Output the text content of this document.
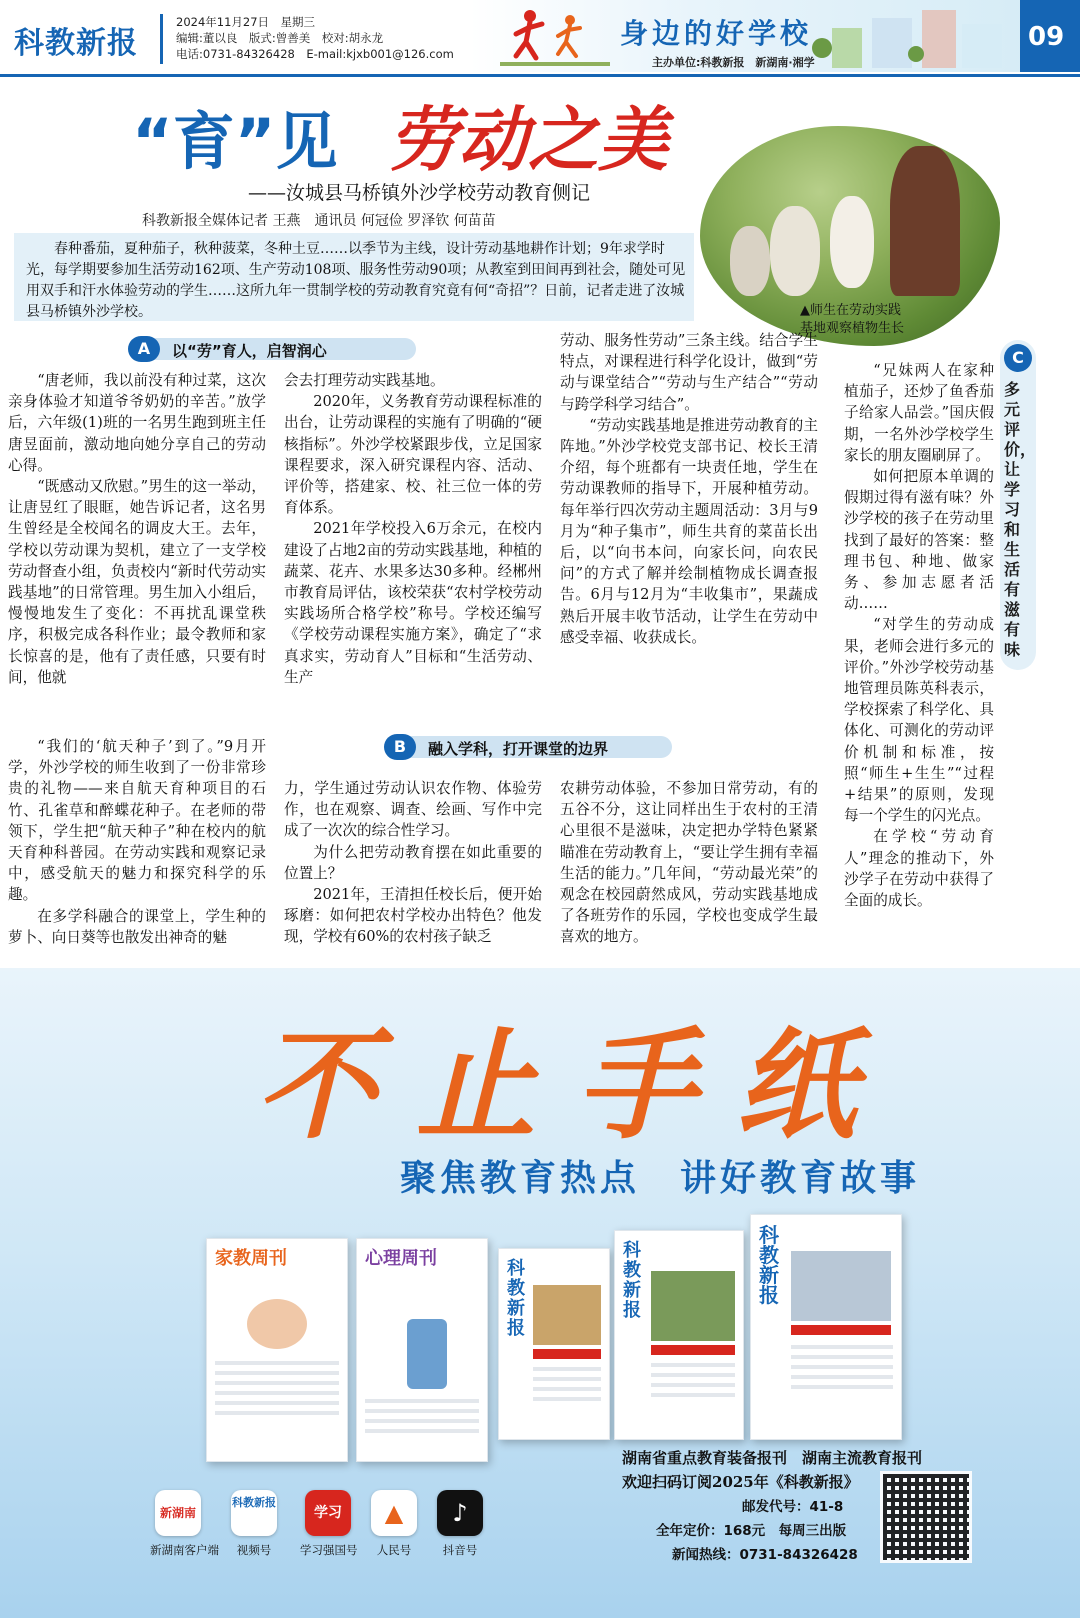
科教新报
2024年11月27日　星期三
编辑:董以良　版式:曾善美　校对:胡永龙
电话:0731-84326428　E-mail:kjxb001@126.com
身边的好学校
主办单位:科教新报　新湖南·湘学
09
“育”见 劳动之美
——汝城县马桥镇外沙学校劳动教育侧记
科教新报全媒体记者 王燕　通讯员 何冠俭 罗泽钦 何苗苗

春种番茄，夏种茄子，秋种菠菜，冬种土豆……以季节为主线，设计劳动基地耕作计划；9年求学时光，每学期要参加生活劳动162项、生产劳动108项、服务性劳动90项；从教室到田间再到社会，随处可见用双手和汗水体验劳动的学生……这所九年一贯制学校的劳动教育究竟有何“奇招”？日前，记者走进了汝城县马桥镇外沙学校。	▲师生在劳动实践
基地观察植物生长
A	以“劳”育人，启智润心

“唐老师，我以前没有种过菜，这次亲身体验才知道爷爷奶奶的辛苦。”放学后，六年级(1)班的一名男生跑到班主任唐昱面前，激动地向她分享自己的劳动心得。

“既感动又欣慰。”男生的这一举动，让唐昱红了眼眶，她告诉记者，这名男生曾经是全校闻名的调皮大王。去年，学校以劳动课为契机，建立了一支学校劳动督查小组，负责校内“新时代劳动实践基地”的日常管理。男生加入小组后，慢慢地发生了变化：不再扰乱课堂秩序，积极完成各科作业；最令教师和家长惊喜的是，他有了责任感，只要有时间，他就

会去打理劳动实践基地。

2020年，义务教育劳动课程标准的出台，让劳动课程的实施有了明确的“硬核指标”。外沙学校紧跟步伐，立足国家课程要求，深入研究课程内容、活动、评价等，搭建家、校、社三位一体的劳育体系。

2021年学校投入6万余元，在校内建设了占地2亩的劳动实践基地，种植的蔬菜、花卉、水果多达30多种。经郴州市教育局评估，该校荣获“农村学校劳动实践场所合格学校”称号。学校还编写《学校劳动课程实施方案》，确定了“求真求实，劳动育人”目标和“生活劳动、生产

劳动、服务性劳动”三条主线。结合学生特点，对课程进行科学化设计，做到“劳动与课堂结合”“劳动与生产结合”“劳动与跨学科学习结合”。

“劳动实践基地是推进劳动教育的主阵地。”外沙学校党支部书记、校长王清介绍，每个班都有一块责任地，学生在劳动课教师的指导下，开展种植劳动。每年举行四次劳动主题周活动：3月与9月为“种子集市”，师生共育的菜苗长出后，以“向书本问，向家长问，向农民问”的方式了解并绘制植物成长调查报告。6月与12月为“丰收集市”，果蔬成熟后开展丰收节活动，让学生在劳动中感受幸福、收获成长。

B	融入学科，打开课堂的边界

“我们的‘航天种子’到了。”9月开学，外沙学校的师生收到了一份非常珍贵的礼物——来自航天育种项目的石竹、孔雀草和醉蝶花种子。在老师的带领下，学生把“航天种子”种在校内的航天育种科普园。在劳动实践和观察记录中，感受航天的魅力和探究科学的乐趣。

在多学科融合的课堂上，学生种的萝卜、向日葵等也散发出神奇的魅

力，学生通过劳动认识农作物、体验劳作，也在观察、调查、绘画、写作中完成了一次次的综合性学习。

为什么把劳动教育摆在如此重要的位置上？

2021年，王清担任校长后，便开始琢磨：如何把农村学校办出特色？他发现，学校有60%的农村孩子缺乏

农耕劳动体验，不参加日常劳动，有的五谷不分，这让同样出生于农村的王清心里很不是滋味，决定把办学特色紧紧瞄准在劳动教育上，“要让学生拥有幸福生活的能力。”几年间，“劳动最光荣”的观念在校园蔚然成风，劳动实践基地成了各班劳作的乐园，学校也变成学生最喜欢的地方。

C
多元评价，让学习和生活有滋有味

“兄妹两人在家种植茄子，还炒了鱼香茄子给家人品尝。”国庆假期，一名外沙学校学生家长的朋友圈刷屏了。

如何把原本单调的假期过得有滋有味？外沙学校的孩子在劳动里找到了最好的答案：整理书包、种地、做家务、参加志愿者活动……

“对学生的劳动成果，老师会进行多元的评价。”外沙学校劳动基地管理员陈英科表示，学校探索了科学化、具体化、可测化的劳动评价机制和标准，按照“师生+生生”“过程+结果”的原则，发现每一个学生的闪光点。

在学校“劳动育人”理念的推动下，外沙学子在劳动中获得了全面的成长。

不止手纸
聚焦教育热点　讲好教育故事
家教周刊	心理周刊	科教新报
科教新报
科教新报
湖南省重点教育装备报刊　湖南主流教育报刊
欢迎扫码订阅2025年《科教新报》
邮发代号：41-8
全年定价：168元　每周三出版
新闻热线：0731-84326428
新湖南
新湖南客户端
科教新报
视频号
学习
学习强国号
▲
人民号
♪
抖音号
